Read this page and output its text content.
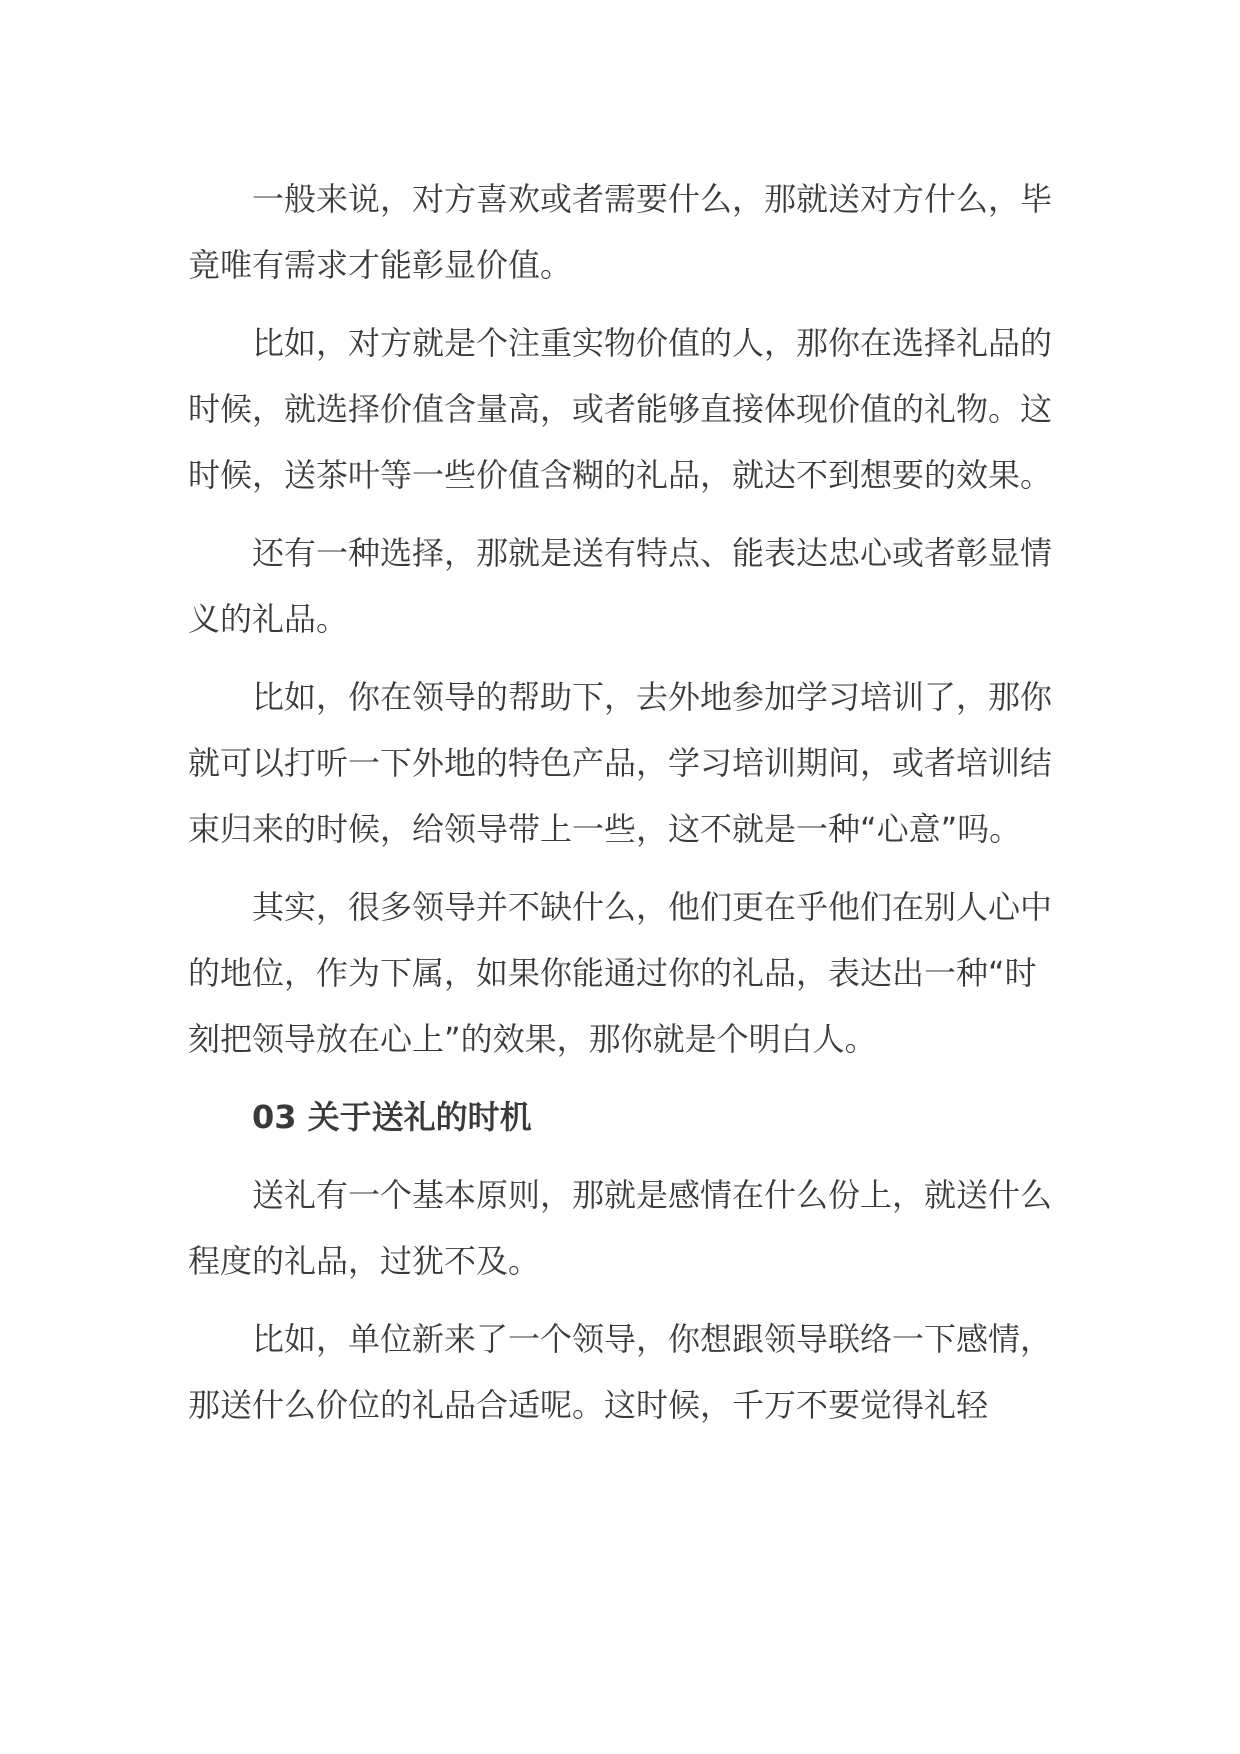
一般来说，对方喜欢或者需要什么，那就送对方什么，毕竟唯有需求才能彰显价值。

比如，对方就是个注重实物价值的人，那你在选择礼品的时候，就选择价值含量高，或者能够直接体现价值的礼物。这时候，送茶叶等一些价值含糊的礼品，就达不到想要的效果。

还有一种选择，那就是送有特点、能表达忠心或者彰显情义的礼品。

比如，你在领导的帮助下，去外地参加学习培训了，那你就可以打听一下外地的特色产品，学习培训期间，或者培训结束归来的时候，给领导带上一些，这不就是一种“心意”吗。

其实，很多领导并不缺什么，他们更在乎他们在别人心中的地位，作为下属，如果你能通过你的礼品，表达出一种“时刻把领导放在心上”的效果，那你就是个明白人。

03 关于送礼的时机

送礼有一个基本原则，那就是感情在什么份上，就送什么程度的礼品，过犹不及。

比如，单位新来了一个领导，你想跟领导联络一下感情，那送什么价位的礼品合适呢。这时候，千万不要觉得礼轻
